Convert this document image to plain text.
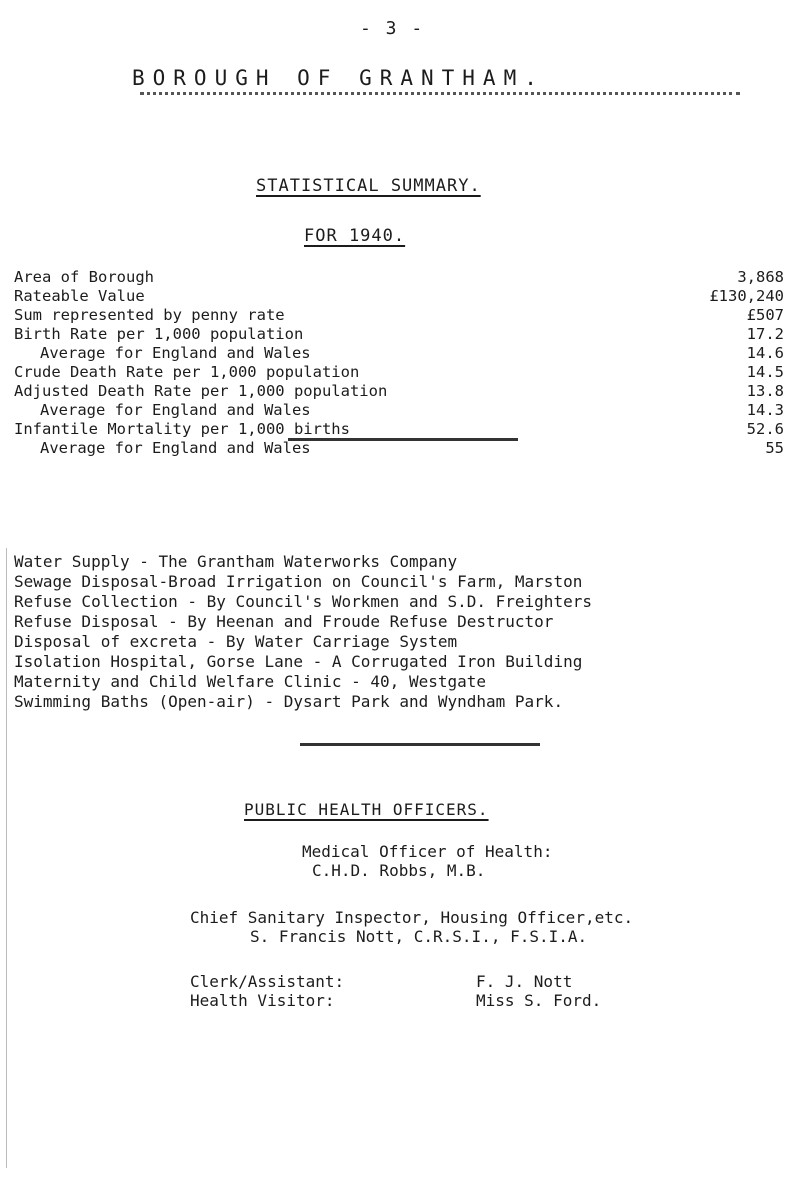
- 3 -
BOROUGH OF GRANTHAM.
STATISTICAL SUMMARY.
FOR 1940.
Area of Borough	3,868
Rateable Value	£130,240
Sum represented by penny rate	£507
Birth Rate per 1,000 population	17.2
Average for England and Wales	14.6
Crude Death Rate per 1,000 population	14.5
Adjusted Death Rate per 1,000 population	13.8
Average for England and Wales	14.3
Infantile Mortality per 1,000 births	52.6
Average for England and Wales	55
Water Supply - The Grantham Waterworks Company
Sewage Disposal-Broad Irrigation on Council's Farm, Marston
Refuse Collection - By Council's Workmen and S.D. Freighters
Refuse Disposal - By Heenan and Froude Refuse Destructor
Disposal of excreta - By Water Carriage System
Isolation Hospital, Gorse Lane - A Corrugated Iron Building
Maternity and Child Welfare Clinic - 40, Westgate
Swimming Baths (Open-air) - Dysart Park and Wyndham Park.
PUBLIC HEALTH OFFICERS.
Medical Officer of Health:
C.H.D. Robbs, M.B.
Chief Sanitary Inspector, Housing Officer,etc.
S. Francis Nott, C.R.S.I., F.S.I.A.
Clerk/Assistant:	F. J. Nott
Health Visitor:	Miss S. Ford.
